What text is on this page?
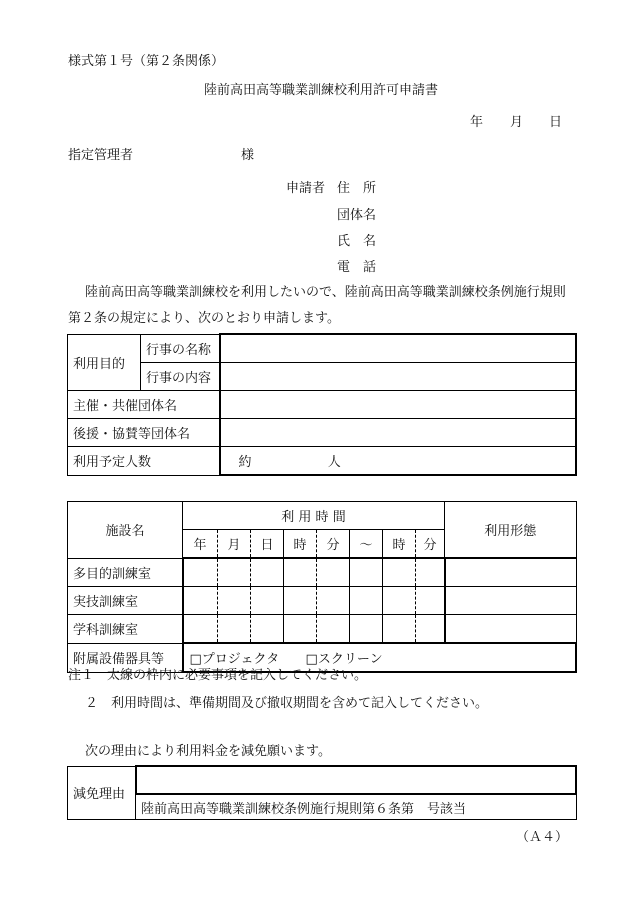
様式第１号（第２条関係）
陸前高田高等職業訓練校利用許可申請書
年 月 日
指定管理者	様
申請者 住　所
団体名
氏　名
電　話
陸前高田高等職業訓練校を利用したいので、陸前高田高等職業訓練校条例施行規則
第２条の規定により、次のとおり申請します。
利用目的	行事の名称	
	行事の内容	
主催・共催団体名		
後援・協賛等団体名		
利用予定人数		約 人
施設名	利 用 時 間								利用形態
	年	月	日	時	分	～	時	分	
多目的訓練室									
実技訓練室									
学科訓練室									
附属設備器具等	□プロジェクタ □スクリーン								
注１　太線の枠内に必要事項を記入してください。
２　利用時間は、準備期間及び撤収期間を含めて記入してください。
次の理由により利用料金を減免願います。
減免理由	
陸前高田高等職業訓練校条例施行規則第６条第　号該当
（Ａ４）
